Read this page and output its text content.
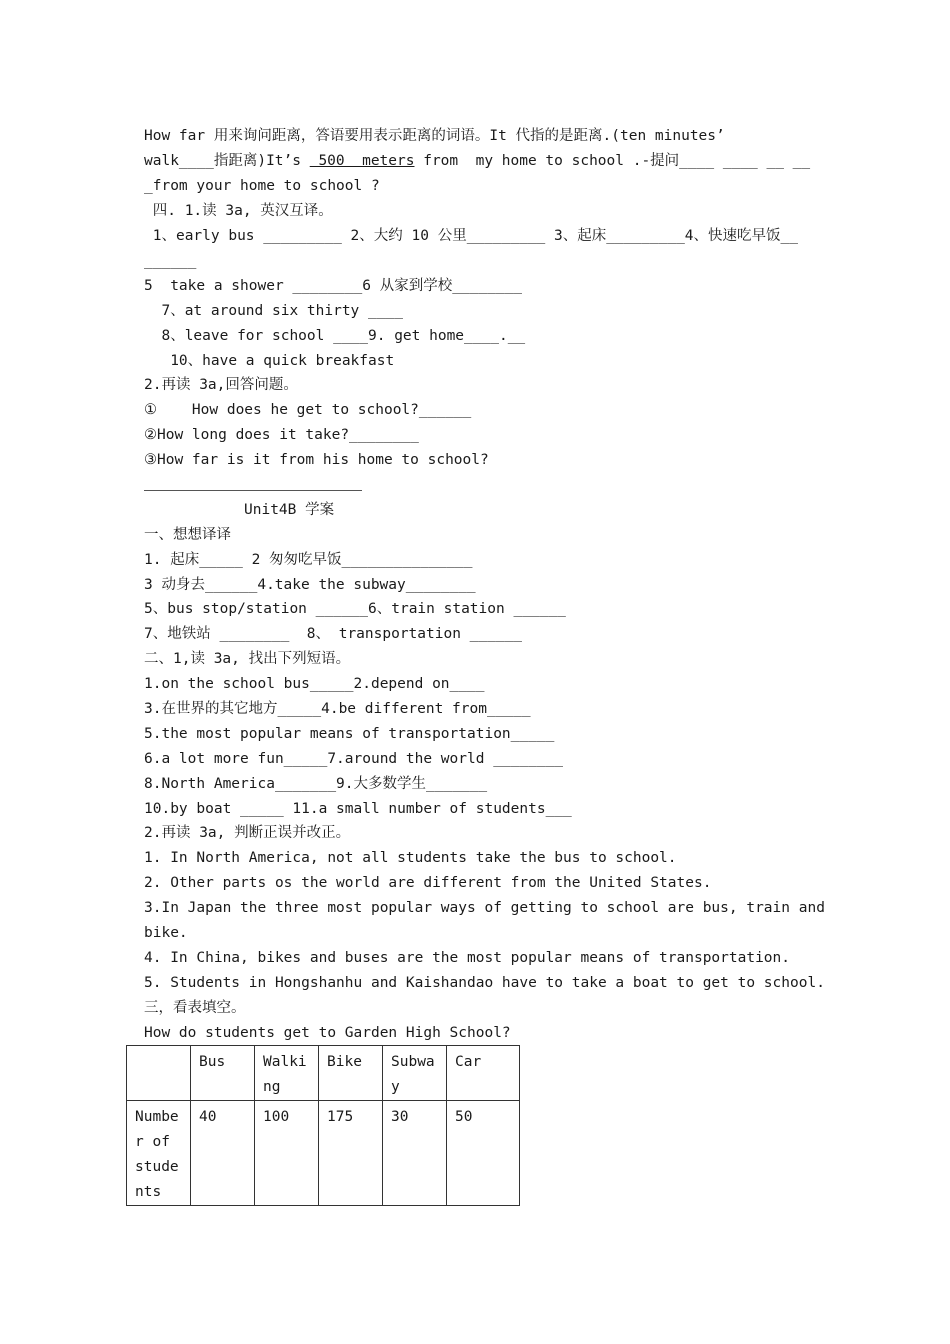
How far 用来询问距离，答语要用表示距离的词语。It 代指的是距离.(ten minutes’
walk____指距离)It’s  500  meters from  my home to school .-提问____ ____ __ __
_from your home to school ?
四. 1.读 3a, 英汉互译。
1、early bus _________ 2、大约 10 公里_________ 3、起床_________4、快速吃早饭__
______
5  take a shower ________6 从家到学校________
7、at around six thirty ____
8、leave for school ____9. get home____.__
10、have a quick breakfast
2.再读 3a,回答问题。
①    How does he get to school?______
②How long does it take?________
③How far is it from his home to school?
Unit4B 学案
一、想想译译
1. 起床_____ 2 匆匆吃早饭_______________
3 动身去______4.take the subway________
5、bus stop/station ______6、train station ______
7、地铁站 ________  8、 transportation ______
二、1,读 3a, 找出下列短语。
1.on the school bus_____2.depend on____
3.在世界的其它地方_____4.be different from_____
5.the most popular means of transportation_____
6.a lot more fun_____7.around the world ________
8.North America_______9.大多数学生_______
10.by boat _____ 11.a small number of students___
2.再读 3a, 判断正误并改正。
1. In North America, not all students take the bus to school.
2. Other parts os the world are different from the United States.
3.In Japan the three most popular ways of getting to school are bus, train and
bike.
4. In China, bikes and buses are the most popular means of transportation.
5. Students in Hongshanhu and Kaishandao have to take a boat to get to school.
三，看表填空。
How do students get to Garden High School?
	Bus	Walking	Bike	Subway	Car
Number of students	40	100	175	30	50
